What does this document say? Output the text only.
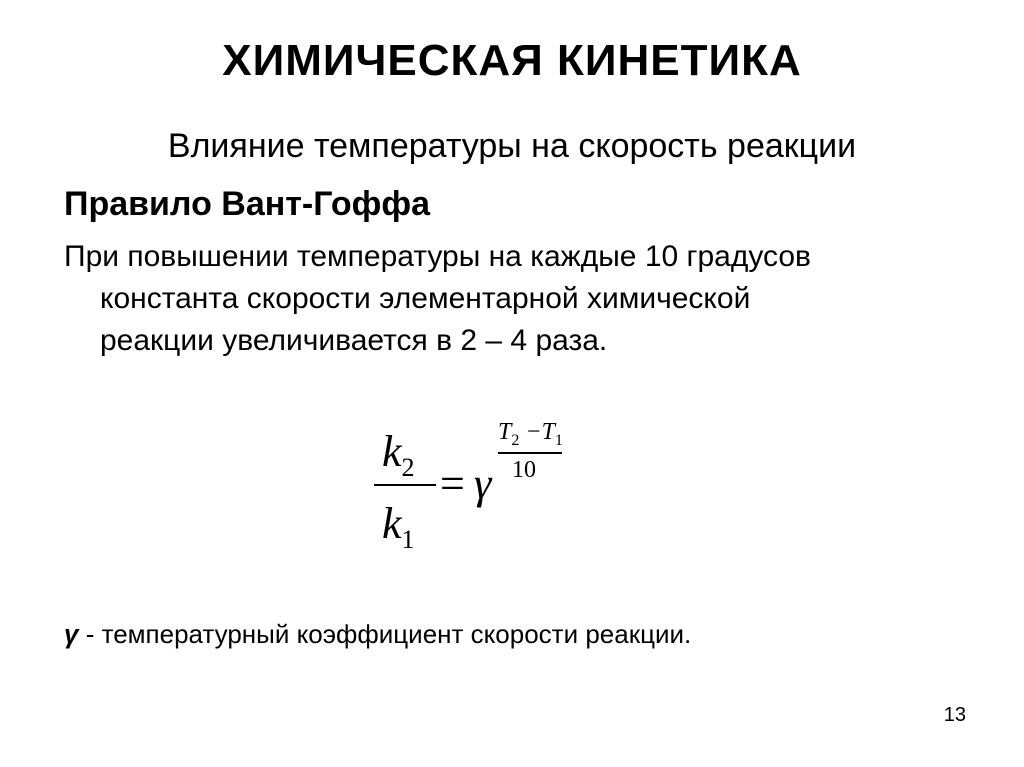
ХИМИЧЕСКАЯ КИНЕТИКА
Влияние температуры на скорость реакции
Правило Вант-Гоффа
При повышении температуры на каждые 10 градусов
константа скорости элементарной химической
реакции увеличивается в 2 – 4 раза.
$k_2$
$k_1$
= γ
$T_2 -T_1$
10
γ - температурный коэффициент скорости реакции.
13
